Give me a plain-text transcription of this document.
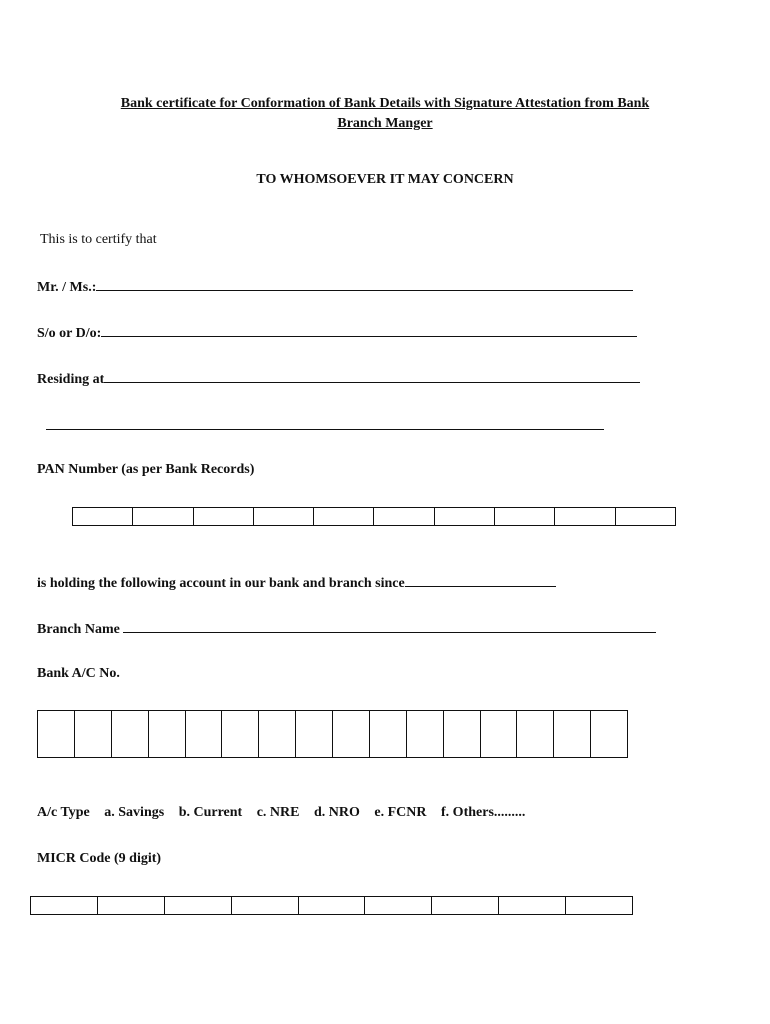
Bank certificate for Conformation of Bank Details with Signature Attestation from Bank
Branch Manger
TO WHOMSOEVER IT MAY CONCERN
This is to certify that
Mr. / Ms.:
S/o or D/o:
Residing at
PAN Number (as per Bank Records)

is holding the following account in our bank and branch since
Branch Name
Bank A/C No.

A/c Type a. Savings b. Current c. NRE d. NRO e. FCNR f. Others.........
MICR Code (9 digit)
